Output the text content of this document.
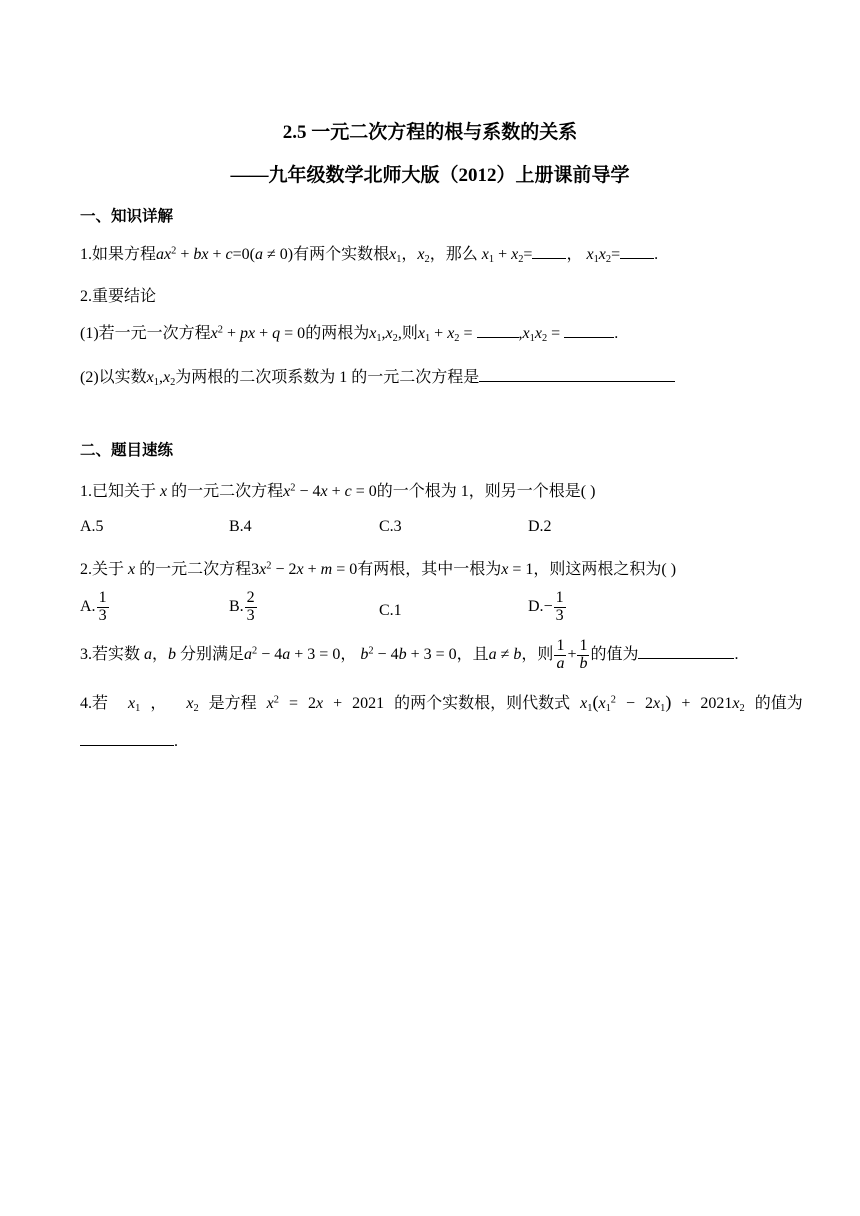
2.5 一元二次方程的根与系数的关系
——九年级数学北师大版（2012）上册课前导学
一、知识详解
1.如果方程$ax^2$ + bx + c=0(a ≠ 0)有两个实数根$x_1$，$x_2$，那么 $x_1 + x_2=$ ， $x_1x_2=$ .
2.重要结论
(1)若一元一次方程$x^2$ + px + q = 0的两根为$x_1,x_2$,则$x_1 + x_2$ =	$,x_1x_2$ =	.
(2)以实数$x_1,x_2$为两根的二次项系数为 1 的一元二次方程是
二、题目速练
1.已知关于 x 的一元二次方程$x^2 - 4x + c = 0$的一个根为 1，则另一个根是( )
A.5	B.4	C.3	D.2
2.关于 x 的一元二次方程$3x^2 - 2x + m = 0$有两根，其中一根为x = 1，则这两根之积为( )
A. $\frac{1}{3}$	B. $\frac{2}{3}$	C.1	$D.- \frac{1}{3}$
3.若实数 a，b 分别满足$a^2 - 4a + 3 = 0$， $b^2 - 4b + 3 = 0$，且a ≠ b，则 $\frac{1}{a} + \frac{1}{b}$ 的值为	.
4.若 $x_1$ ，  $x_2$ 是方程 $x^2 = 2x + 2021$ 的两个实数根，则代数式 $x_1(x_1^2 - 2x_1) + 2021x_2$ 的值为
.
